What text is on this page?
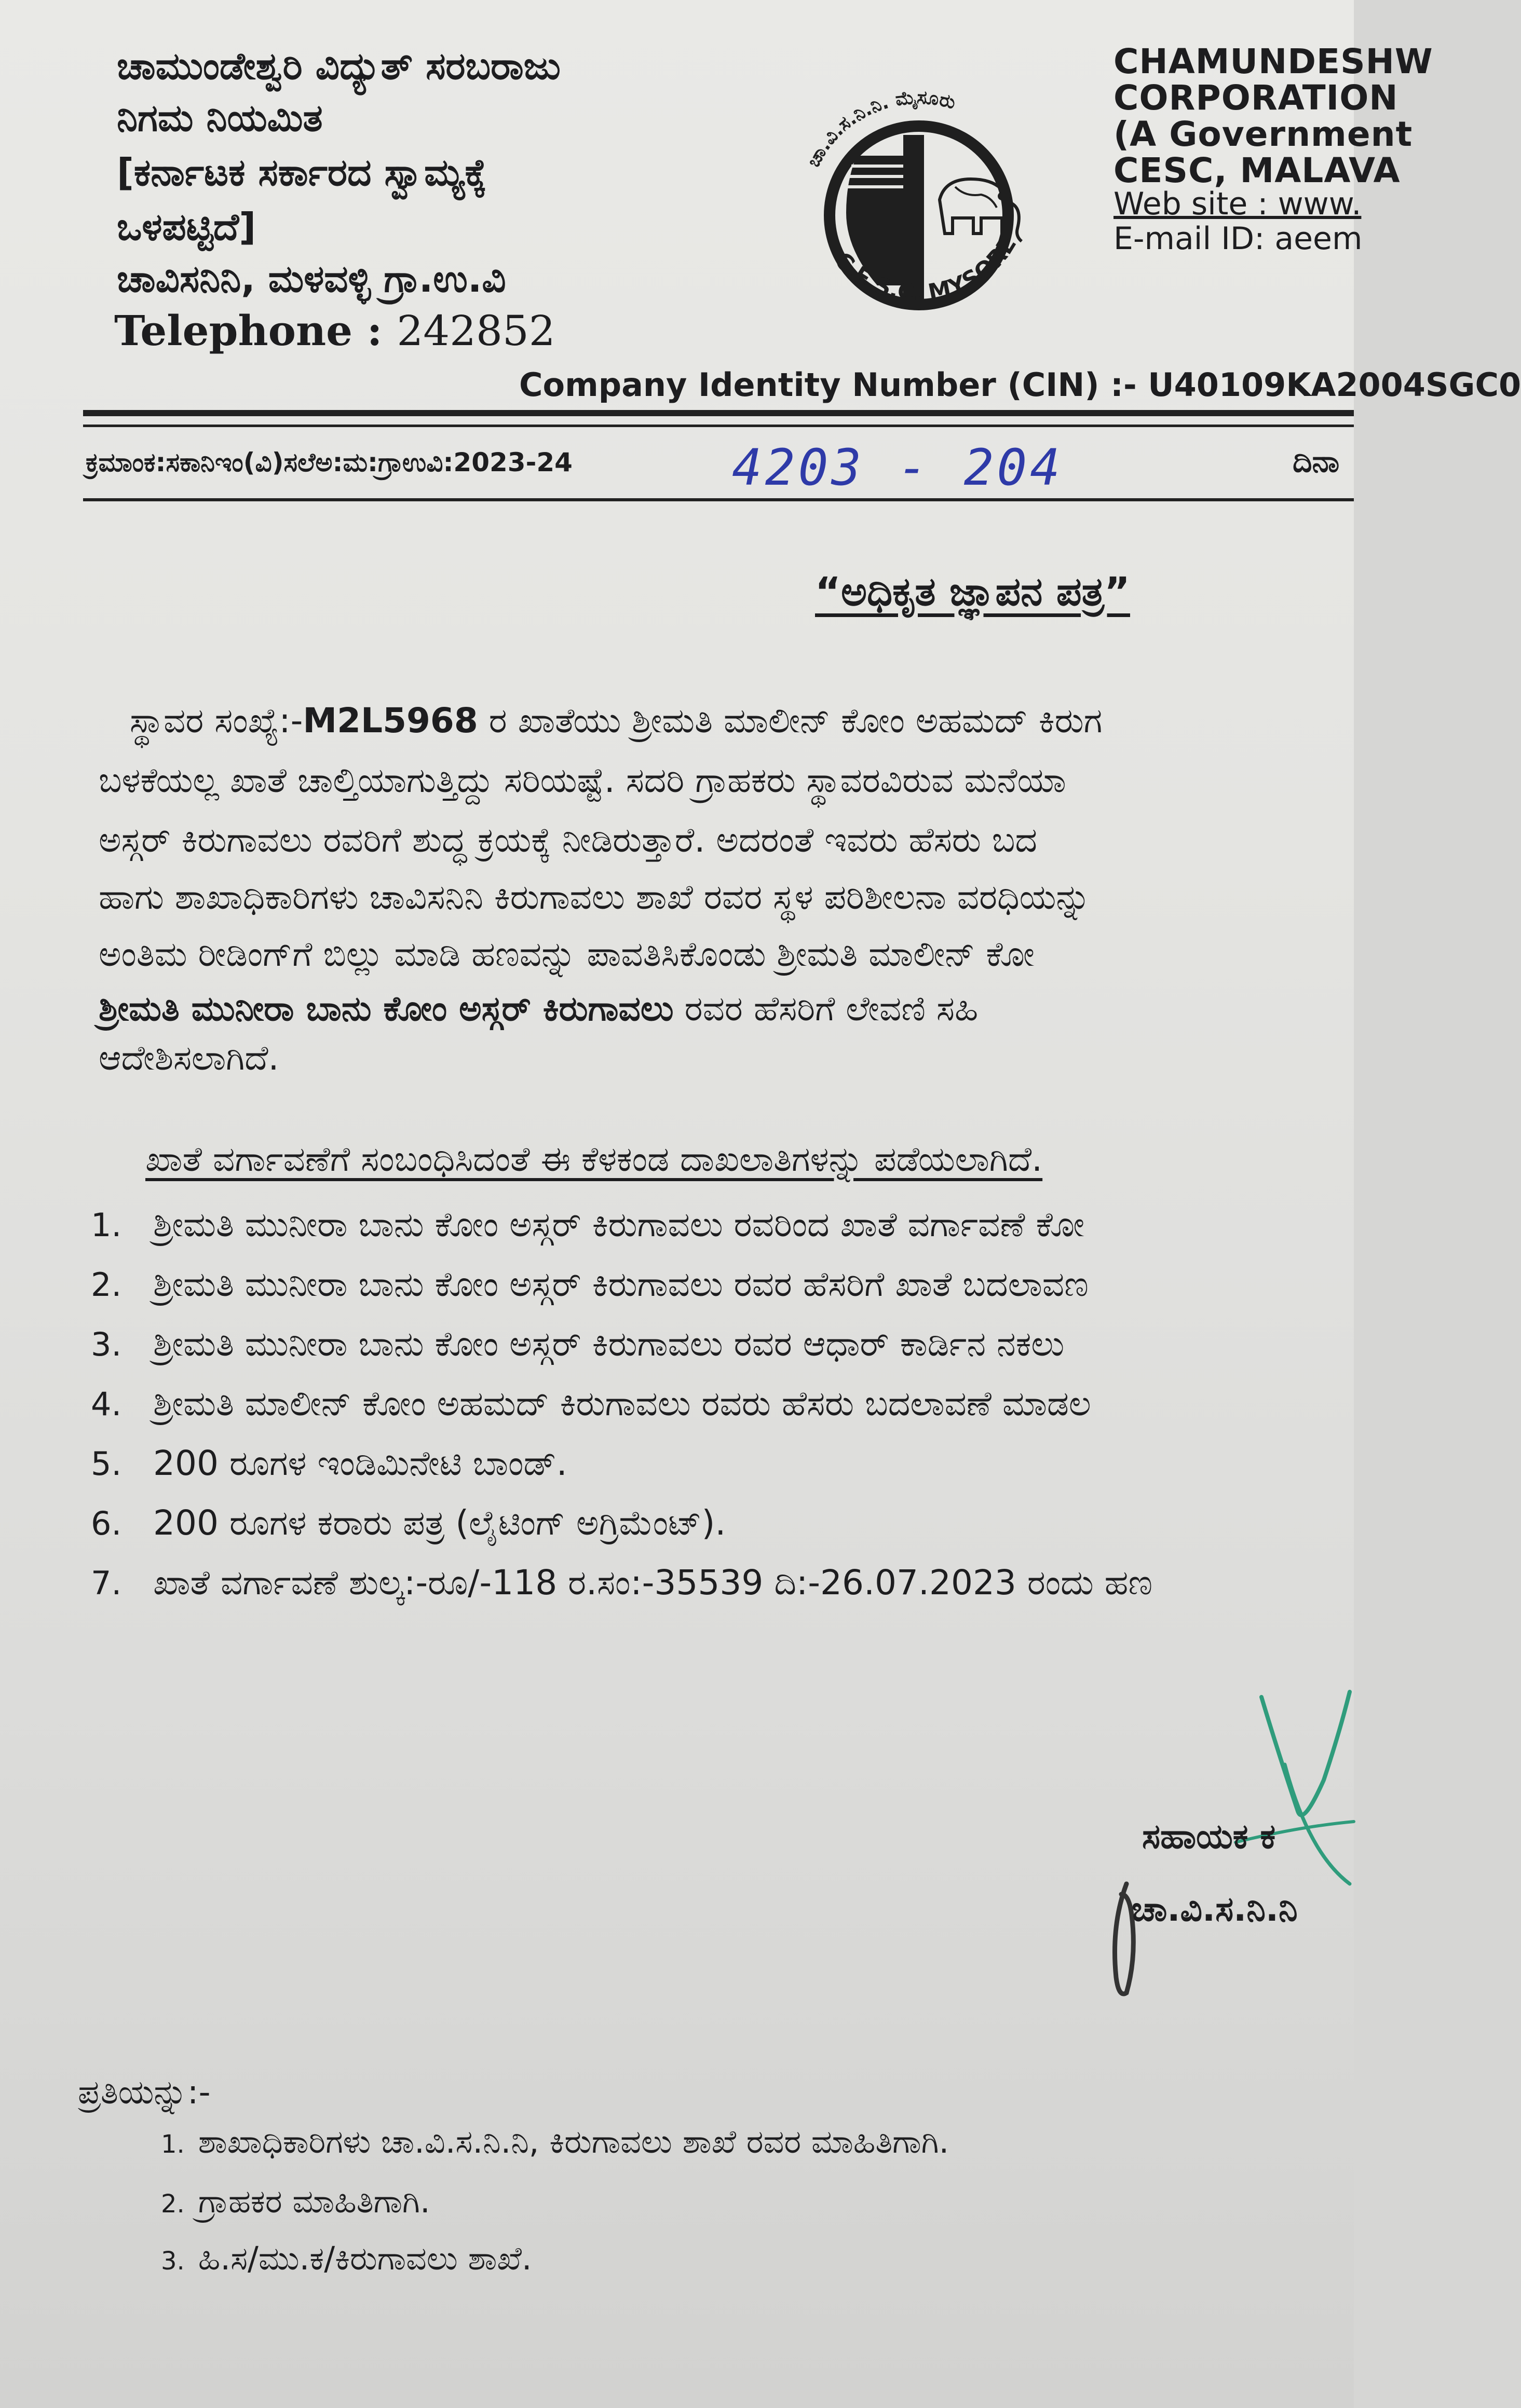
ಚಾಮುಂಡೇಶ್ವರಿ ವಿದ್ಯುತ್ ಸರಬರಾಜು
ನಿಗಮ ನಿಯಮಿತ
[ಕರ್ನಾಟಕ ಸರ್ಕಾರದ ಸ್ವಾಮ್ಯಕ್ಕೆ
ಒಳಪಟ್ಟಿದೆ]
ಚಾವಿಸನಿನಿ, ಮಳವಳ್ಳಿ ಗ್ರಾ.ಉ.ವಿ
Telephone : 242852
ಚಾ.ವಿ.ಸ.ನಿ.ನಿ. ಮೈಸೂರು
C.E.S.C, MYSORE
CHAMUNDESHW
CORPORATION
(A Government
CESC, MALAVA
Web site : www.
E-mail ID: aeem
Company Identity Number (CIN) :- U40109KA2004SGC0
ಕ್ರಮಾಂಕ:ಸಕಾನಿಇಂ(ವಿ)ಸಲೆಅ:ಮ:ಗ್ರಾಉವಿ:2023-24	4203 - 204	ದಿನಾ
“ಅಧಿಕೃತ ಜ್ಞಾಪನ ಪತ್ರ”
ಸ್ಥಾವರ ಸಂಖ್ಯೆ:-M2L5968 ರ ಖಾತೆಯು ಶ್ರೀಮತಿ ಮಾಲೀನ್ ಕೋಂ ಅಹಮದ್ ಕಿರುಗ
ಬಳಕೆಯಲ್ಲ ಖಾತೆ ಚಾಲ್ತಿಯಾಗುತ್ತಿದ್ದು ಸರಿಯಷ್ಟೆ. ಸದರಿ ಗ್ರಾಹಕರು ಸ್ಥಾವರವಿರುವ ಮನೆಯಾ
ಅಸ್ಗರ್ ಕಿರುಗಾವಲು ರವರಿಗೆ ಶುದ್ಧ ಕ್ರಯಕ್ಕೆ ನೀಡಿರುತ್ತಾರೆ. ಅದರಂತೆ ಇವರು ಹೆಸರು ಬದ
ಹಾಗು ಶಾಖಾಧಿಕಾರಿಗಳು ಚಾವಿಸನಿನಿ ಕಿರುಗಾವಲು ಶಾಖೆ ರವರ ಸ್ಥಳ ಪರಿಶೀಲನಾ ವರಧಿಯನ್ನು
ಅಂತಿಮ ರೀಡಿಂಗ್‌ಗೆ ಬಿಲ್ಲು ಮಾಡಿ ಹಣವನ್ನು ಪಾವತಿಸಿಕೊಂಡು ಶ್ರೀಮತಿ ಮಾಲೀನ್ ಕೋ
ಶ್ರೀಮತಿ ಮುನೀರಾ ಬಾನು ಕೋಂ ಅಸ್ಗರ್ ಕಿರುಗಾವಲು ರವರ ಹೆಸರಿಗೆ ಲೇವಣಿ ಸಹಿ
ಆದೇಶಿಸಲಾಗಿದೆ.
ಖಾತೆ ವರ್ಗಾವಣೆಗೆ ಸಂಬಂಧಿಸಿದಂತೆ ಈ ಕೆಳಕಂಡ ದಾಖಲಾತಿಗಳನ್ನು ಪಡೆಯಲಾಗಿದೆ.
1. ಶ್ರೀಮತಿ ಮುನೀರಾ ಬಾನು ಕೋಂ ಅಸ್ಗರ್ ಕಿರುಗಾವಲು ರವರಿಂದ ಖಾತೆ ವರ್ಗಾವಣೆ ಕೋ
2. ಶ್ರೀಮತಿ ಮುನೀರಾ ಬಾನು ಕೋಂ ಅಸ್ಗರ್ ಕಿರುಗಾವಲು ರವರ ಹೆಸರಿಗೆ ಖಾತೆ ಬದಲಾವಣ
3. ಶ್ರೀಮತಿ ಮುನೀರಾ ಬಾನು ಕೋಂ ಅಸ್ಗರ್ ಕಿರುಗಾವಲು ರವರ ಆಧಾರ್ ಕಾರ್ಡಿನ ನಕಲು
4. ಶ್ರೀಮತಿ ಮಾಲೀನ್ ಕೋಂ ಅಹಮದ್ ಕಿರುಗಾವಲು ರವರು ಹೆಸರು ಬದಲಾವಣೆ ಮಾಡಲ
5. 200 ರೂಗಳ ಇಂಡಿಮಿನೇಟಿ ಬಾಂಡ್.
6. 200 ರೂಗಳ ಕರಾರು ಪತ್ರ (ಲೈಟಿಂಗ್ ಅಗ್ರಿಮೆಂಟ್).
7. ಖಾತೆ ವರ್ಗಾವಣೆ ಶುಲ್ಕ:-ರೂ/-118 ರ.ಸಂ:-35539 ದಿ:-26.07.2023 ರಂದು ಹಣ
ಸಹಾಯಕ ಕ
ಚಾ.ವಿ.ಸ.ನಿ.ನಿ
ಪ್ರತಿಯನ್ನು:-
1. ಶಾಖಾಧಿಕಾರಿಗಳು ಚಾ.ವಿ.ಸ.ನಿ.ನಿ, ಕಿರುಗಾವಲು ಶಾಖೆ ರವರ ಮಾಹಿತಿಗಾಗಿ.
2. ಗ್ರಾಹಕರ ಮಾಹಿತಿಗಾಗಿ.
3. ಹಿ.ಸ/ಮು.ಕ/ಕಿರುಗಾವಲು ಶಾಖೆ.
